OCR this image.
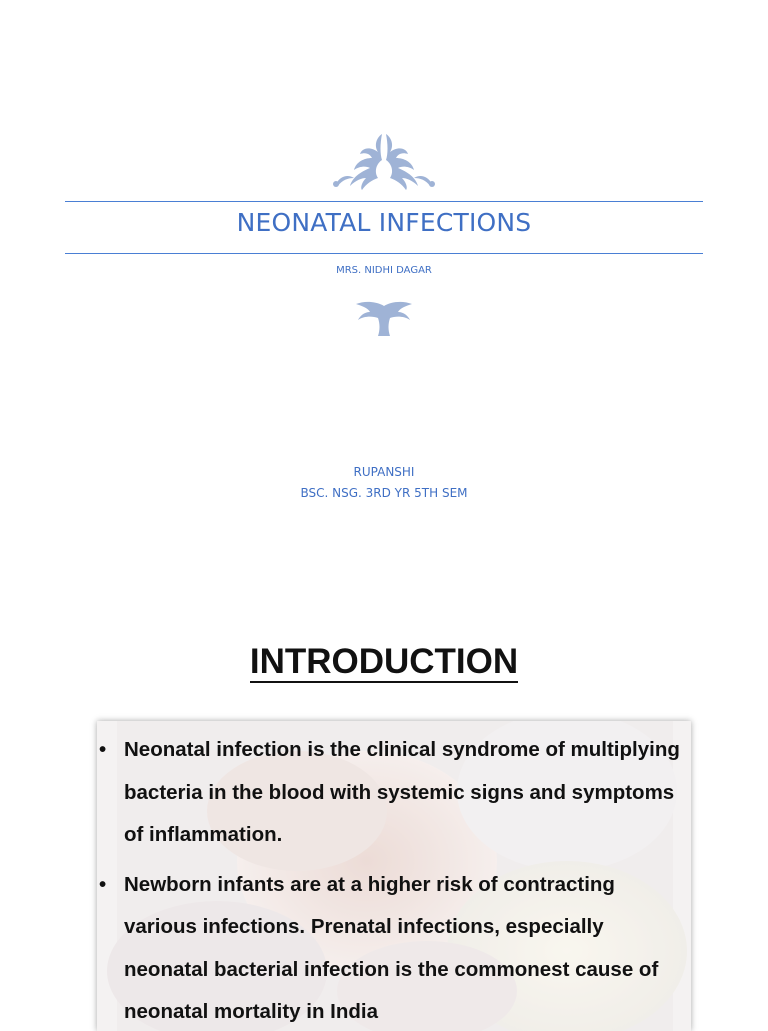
NEONATAL INFECTIONS
MRS. NIDHI DAGAR
RUPANSHI
BSC. NSG. 3RD YR 5TH SEM
INTRODUCTION
• Neonatal infection is the clinical syndrome of multiplying bacteria in the blood with systemic signs and symptoms of inflammation.
• Newborn infants are at a higher risk of contracting various infections. Prenatal infections, especially neonatal bacterial infection is the commonest cause of neonatal mortality in India
